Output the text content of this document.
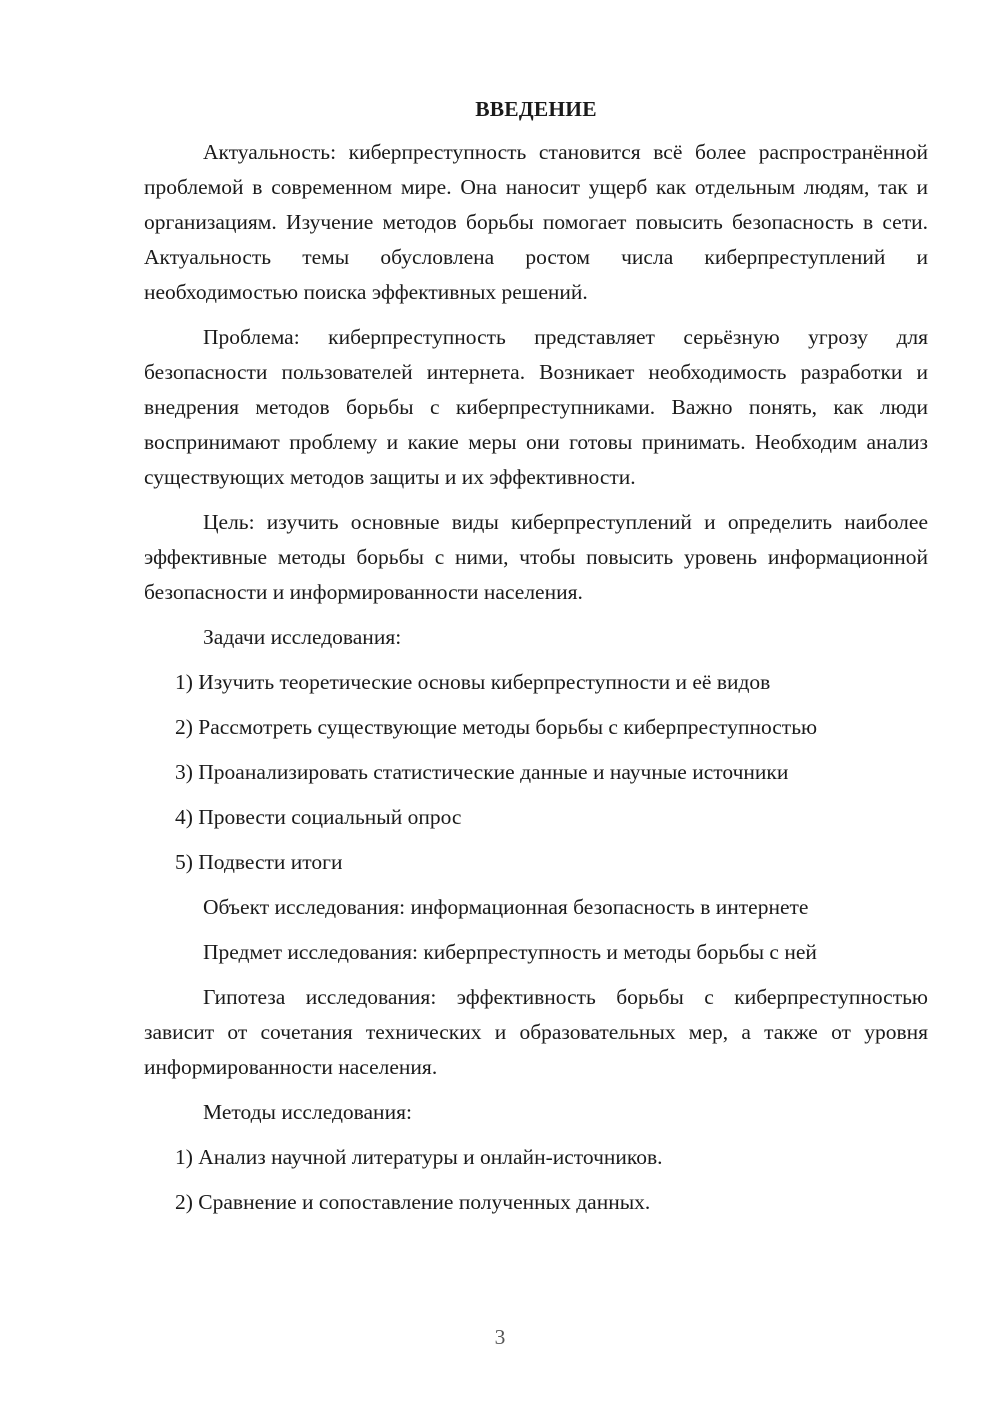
ВВЕДЕНИЕ

Актуальность: киберпреступность становится всё более распространённой проблемой в современном мире. Она наносит ущерб как отдельным людям, так и организациям. Изучение методов борьбы помогает повысить безопасность в сети. Актуальность темы обусловлена ростом числа киберпреступлений и необходимостью поиска эффективных решений.

Проблема: киберпреступность представляет серьёзную угрозу для безопасности пользователей интернета. Возникает необходимость разработки и внедрения методов борьбы с киберпреступниками. Важно понять, как люди воспринимают проблему и какие меры они готовы принимать. Необходим анализ существующих методов защиты и их эффективности.

Цель: изучить основные виды киберпреступлений и определить наиболее эффективные методы борьбы с ними, чтобы повысить уровень информационной безопасности и информированности населения.

Задачи исследования:
1) Изучить теоретические основы киберпреступности и её видов
2) Рассмотреть существующие методы борьбы с киберпреступностью
3) Проанализировать статистические данные и научные источники
4) Провести социальный опрос
5) Подвести итоги
Объект исследования: информационная безопасность в интернете
Предмет исследования: киберпреступность и методы борьбы с ней

Гипотеза исследования: эффективность борьбы с киберпреступностью зависит от сочетания технических и образовательных мер, а также от уровня информированности населения.

Методы исследования:
1) Анализ научной литературы и онлайн-источников.
2) Сравнение и сопоставление полученных данных.
3
